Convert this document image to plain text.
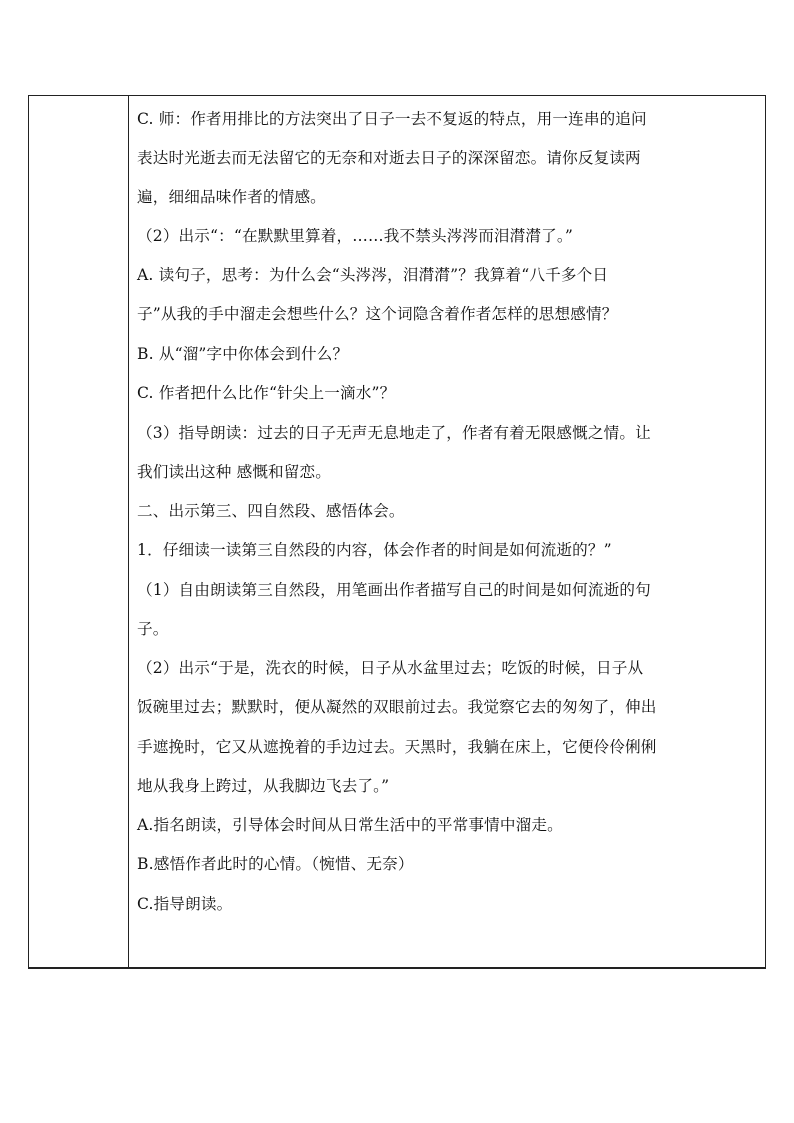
C. 师：作者用排比的方法突出了日子一去不复返的特点，用一连串的追问
表达时光逝去而无法留它的无奈和对逝去日子的深深留恋。请你反复读两
遍，细细品味作者的情感。
（2）出示“：“在默默里算着，……我不禁头涔涔而泪潸潸了。”
A. 读句子，思考：为什么会“头涔涔，泪潸潸”？我算着“八千多个日
子”从我的手中溜走会想些什么？这个词隐含着作者怎样的思想感情？
B. 从“溜”字中你体会到什么？
C. 作者把什么比作“针尖上一滴水”？
（3）指导朗读：过去的日子无声无息地走了，作者有着无限感慨之情。让
我们读出这种 感慨和留恋。
二、出示第三、四自然段、感悟体会。
1．仔细读一读第三自然段的内容，体会作者的时间是如何流逝的？”
（1）自由朗读第三自然段，用笔画出作者描写自己的时间是如何流逝的句
子。
（2）出示“于是，洗衣的时候，日子从水盆里过去；吃饭的时候，日子从
饭碗里过去；默默时，便从凝然的双眼前过去。我觉察它去的匆匆了，伸出
手遮挽时，它又从遮挽着的手边过去。天黑时，我躺在床上，它便伶伶俐俐
地从我身上跨过，从我脚边飞去了。”
A.指名朗读，引导体会时间从日常生活中的平常事情中溜走。
B.感悟作者此时的心情。（惋惜、无奈）
C.指导朗读。
